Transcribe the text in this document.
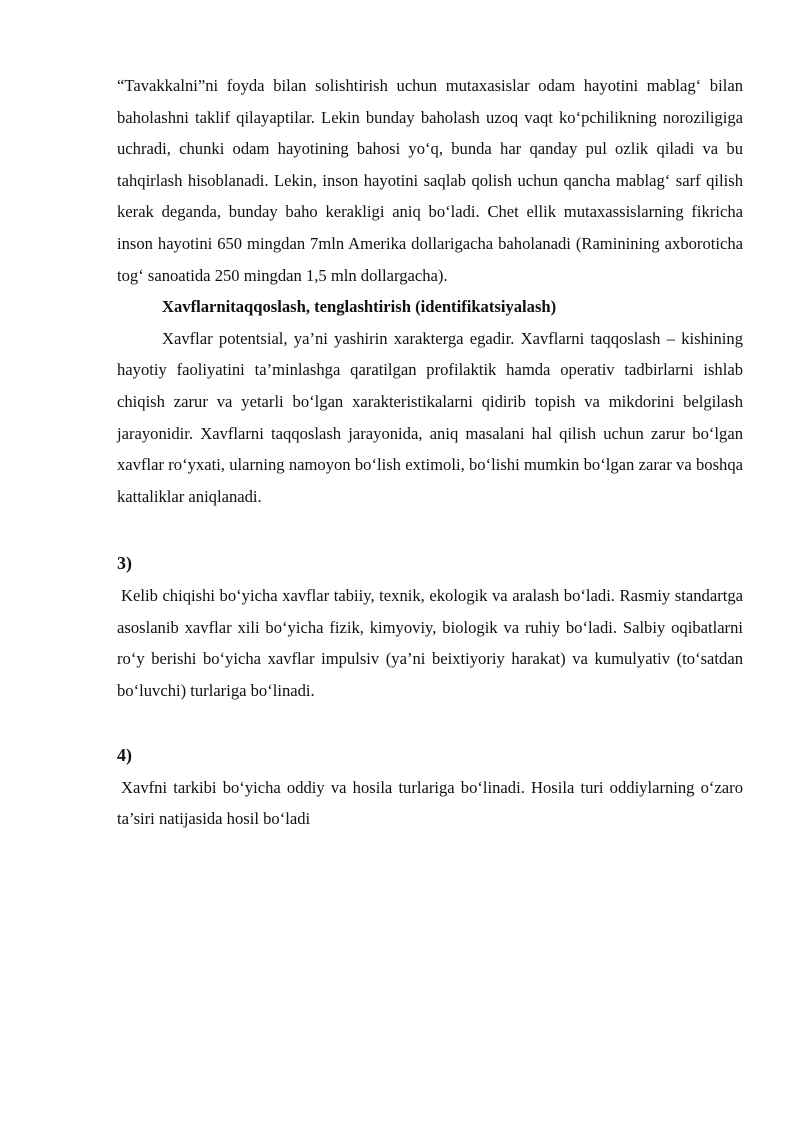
“Tavakkalni”ni foyda bilan solishtirish uchun mutaxasislar odam hayotini mablag‘ bilan baholashni taklif qilayaptilar. Lekin bunday baholash uzoq vaqt ko‘pchilikning noroziligiga uchradi, chunki odam hayotining bahosi yo‘q, bunda har qanday pul ozlik qiladi va bu tahqirlash hisoblanadi. Lekin, inson hayotini saqlab qolish uchun qancha mablag‘ sarf qilish kerak deganda, bunday baho kerakligi aniq bo‘ladi. Chet ellik mutaxassislarning fikricha inson hayotini 650 mingdan 7mln Amerika dollarigacha baholanadi (Raminining axboroticha tog‘ sanoatida 250 mingdan 1,5 mln dollargacha).

Xavflarnitaqqoslash, tenglashtirish (identifikatsiyalash)

Xavflar potentsial, ya’ni yashirin xarakterga egadir. Xavflarni taqqoslash – kishining hayotiy faoliyatini ta’minlashga qaratilgan profilaktik hamda operativ tadbirlarni ishlab chiqish zarur va yetarli bo‘lgan xarakteristikalarni qidirib topish va mikdorini belgilash jarayonidir. Xavflarni taqqoslash jarayonida, aniq masalani hal qilish uchun zarur bo‘lgan xavflar ro‘yxati, ularning namoyon bo‘lish extimoli, bo‘lishi mumkin bo‘lgan zarar va boshqa kattaliklar aniqlanadi.

3)

Kelib chiqishi bo‘yicha xavflar tabiiy, texnik, ekologik va aralash bo‘ladi. Rasmiy standartga asoslanib xavflar xili bo‘yicha fizik, kimyoviy, biologik va ruhiy bo‘ladi. Salbiy oqibatlarni ro‘y berishi bo‘yicha xavflar impulsiv (ya’ni beixtiyoriy harakat) va kumulyativ (to‘satdan bo‘luvchi) turlariga bo‘linadi.

4)

Xavfni tarkibi bo‘yicha oddiy va hosila turlariga bo‘linadi. Hosila turi oddiylarning o‘zaro ta’siri natijasida hosil bo‘ladi
